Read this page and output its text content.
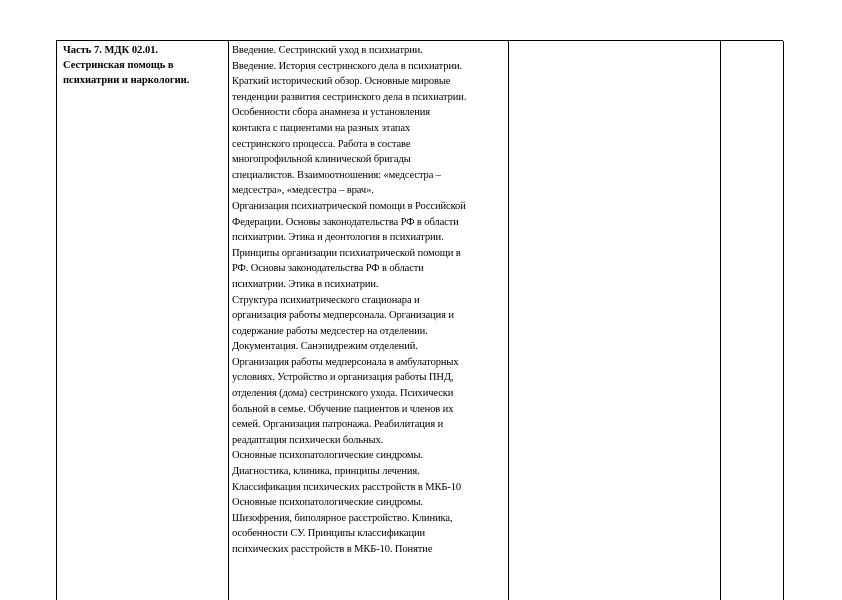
Часть 7. МДК 02.01.
Сестринская помощь в
психиатрии и наркологии.
Введение. Сестринский уход в психиатрии.
Введение. История сестринского дела в психиатрии.
Краткий исторический обзор. Основные мировые
тенденции развития сестринского дела в психиатрии.
Особенности сбора анамнеза и установления
контакта с пациентами на разных этапах
сестринского процесса. Работа в составе
многопрофильной клинической бригады
специалистов. Взаимоотношения: «медсестра –
медсестра», «медсестра – врач».
Организация психиатрической помощи в Российской
Федерации. Основы законодательства РФ в области
психиатрии. Этика и деонтология в психиатрии.
Принципы организации психиатрической помощи в
РФ. Основы законодательства РФ в области
психиатрии. Этика в психиатрии.
Структура психиатрического стационара и
организация работы медперсонала. Организация и
содержание работы медсестер на отделении.
Документация. Санэпидрежим отделений.
Организация работы медперсонала в амбулаторных
условиях. Устройство и организация работы ПНД,
отделения (дома) сестринского ухода. Психически
больной в семье. Обучение пациентов и членов их
семей. Организация патронажа. Реабилитация и
реадаптация психически больных.
Основные психопатологические синдромы.
Диагностика, клиника, принципы лечения.
Классификация психических расстройств в МКБ-10
Основные психопатологические синдромы.
Шизофрения, биполярное расстройство. Клиника,
особенности СУ. Принципы классификации
психических расстройств в МКБ-10. Понятие
